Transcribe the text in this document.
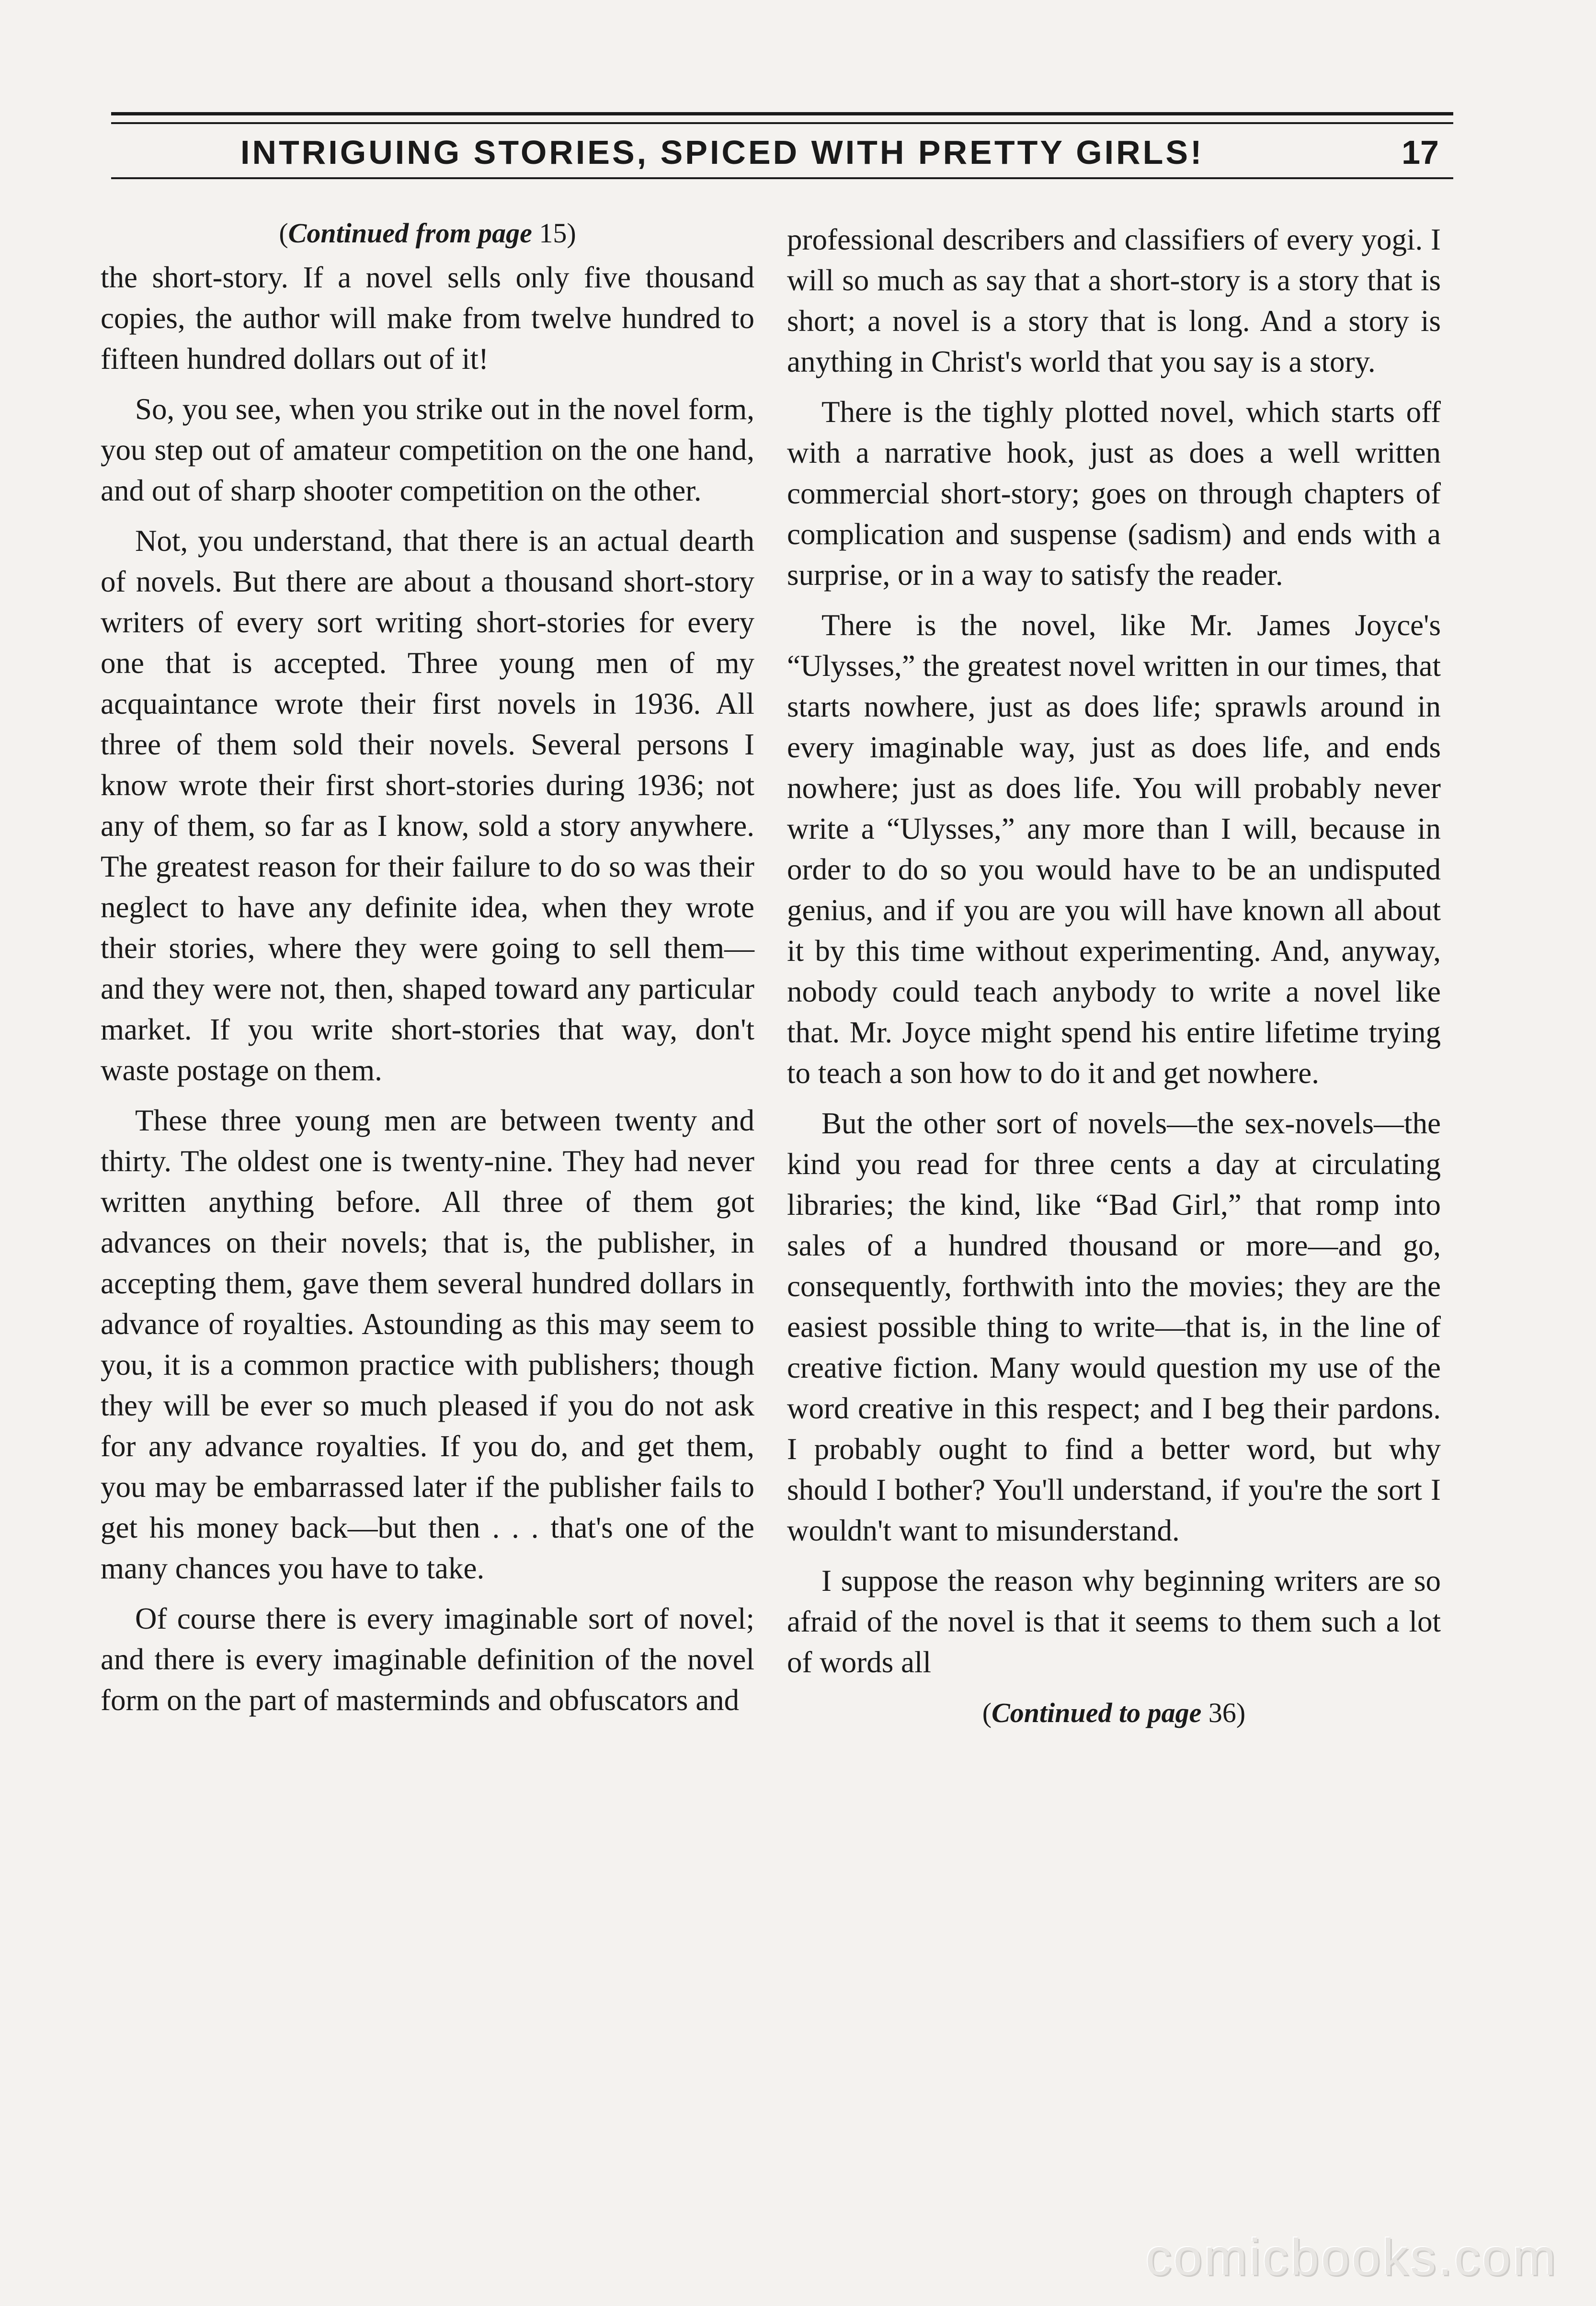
INTRIGUING STORIES, SPICED WITH PRETTY GIRLS!	17
(Continued from page 15)

the short-story. If a novel sells only five thousand copies, the author will make from twelve hundred to fifteen hundred dollars out of it!

So, you see, when you strike out in the novel form, you step out of amateur competition on the one hand, and out of sharp shooter competition on the other.

Not, you understand, that there is an actual dearth of novels. But there are about a thousand short-story writers of every sort writing short-stories for every one that is accepted. Three young men of my acquaintance wrote their first novels in 1936. All three of them sold their novels. Several persons I know wrote their first short-stories during 1936; not any of them, so far as I know, sold a story anywhere. The greatest reason for their failure to do so was their neglect to have any definite idea, when they wrote their stories, where they were going to sell them—and they were not, then, shaped toward any particular market. If you write short-stories that way, don't waste postage on them.

These three young men are between twenty and thirty. The oldest one is twenty-nine. They had never written anything before. All three of them got advances on their novels; that is, the publisher, in accepting them, gave them several hundred dollars in advance of royalties. Astounding as this may seem to you, it is a common practice with publishers; though they will be ever so much pleased if you do not ask for any advance royalties. If you do, and get them, you may be embarrassed later if the publisher fails to get his money back—but then . . . that's one of the many chances you have to take.

Of course there is every imaginable sort of novel; and there is every imaginable definition of the novel form on the part of masterminds and obfuscators and

professional describers and classifiers of every yogi. I will so much as say that a short-story is a story that is short; a novel is a story that is long. And a story is anything in Christ's world that you say is a story.

There is the tighly plotted novel, which starts off with a narrative hook, just as does a well written commercial short-story; goes on through chapters of complication and suspense (sadism) and ends with a surprise, or in a way to satisfy the reader.

There is the novel, like Mr. James Joyce's “Ulysses,” the greatest novel written in our times, that starts nowhere, just as does life; sprawls around in every imaginable way, just as does life, and ends nowhere; just as does life. You will probably never write a “Ulysses,” any more than I will, because in order to do so you would have to be an undisputed genius, and if you are you will have known all about it by this time without experimenting. And, anyway, nobody could teach anybody to write a novel like that. Mr. Joyce might spend his entire lifetime trying to teach a son how to do it and get nowhere.

But the other sort of novels—the sex-novels—the kind you read for three cents a day at circulating libraries; the kind, like “Bad Girl,” that romp into sales of a hundred thousand or more—and go, consequently, forthwith into the movies; they are the easiest possible thing to write—that is, in the line of creative fiction. Many would question my use of the word creative in this respect; and I beg their pardons. I probably ought to find a better word, but why should I bother? You'll understand, if you're the sort I wouldn't want to misunderstand.

I suppose the reason why beginning writers are so afraid of the novel is that it seems to them such a lot of words all

(Continued to page 36)
comicbooks.com
